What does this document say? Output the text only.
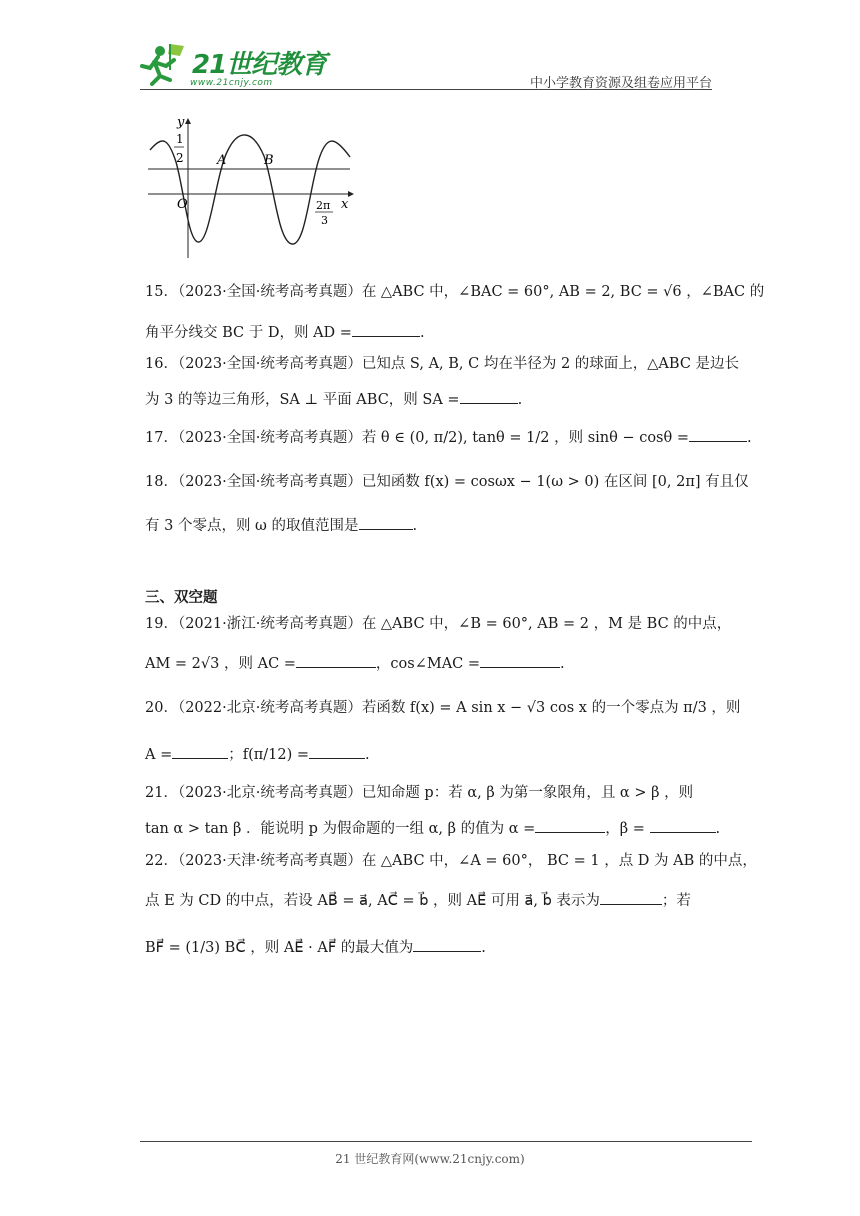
21世纪教育
www.21cnjy.com	中小学教育资源及组卷应用平台
y
x
O
1
2	A	B
2π
3
15．（2023·全国·统考高考真题）在 △ABC 中，∠BAC = 60°, AB = 2, BC = √6 ，∠BAC 的
角平分线交 BC 于 D，则 AD =	.
16．（2023·全国·统考高考真题）已知点 S, A, B, C 均在半径为 2 的球面上，△ABC 是边长
为 3 的等边三角形，SA ⊥ 平面 ABC，则 SA =	.
17．（2023·全国·统考高考真题）若 θ ∈ (0, π/2), tanθ = 1/2 ，则 sinθ − cosθ =	.
18．（2023·全国·统考高考真题）已知函数 f(x) = cosωx − 1(ω > 0) 在区间 [0, 2π] 有且仅
有 3 个零点，则 ω 的取值范围是	.
三、双空题
19．（2021·浙江·统考高考真题）在 △ABC 中，∠B = 60°, AB = 2 ，M 是 BC 的中点，
AM = 2√3 ，则 AC =	，cos∠MAC =	.
20．（2022·北京·统考高考真题）若函数 f(x) = A sin x − √3 cos x 的一个零点为 π/3 ，则
A =	；f(π/12) =	.
21．（2023·北京·统考高考真题）已知命题 p：若 α, β 为第一象限角，且 α > β ，则
tan α > tan β ．能说明 p 为假命题的一组 α, β 的值为 α =	，β =	.
22．（2023·天津·统考高考真题）在 △ABC 中，∠A = 60°， BC = 1 ，点 D 为 AB 的中点，
点 E 为 CD 的中点，若设 AB⃗ = a⃗, AC⃗ = b⃗ ，则 AE⃗ 可用 a⃗, b⃗ 表示为	；若
BF⃗ = (1/3) BC⃗ ，则 AE⃗ · AF⃗ 的最大值为	.
21 世纪教育网(www.21cnjy.com)
